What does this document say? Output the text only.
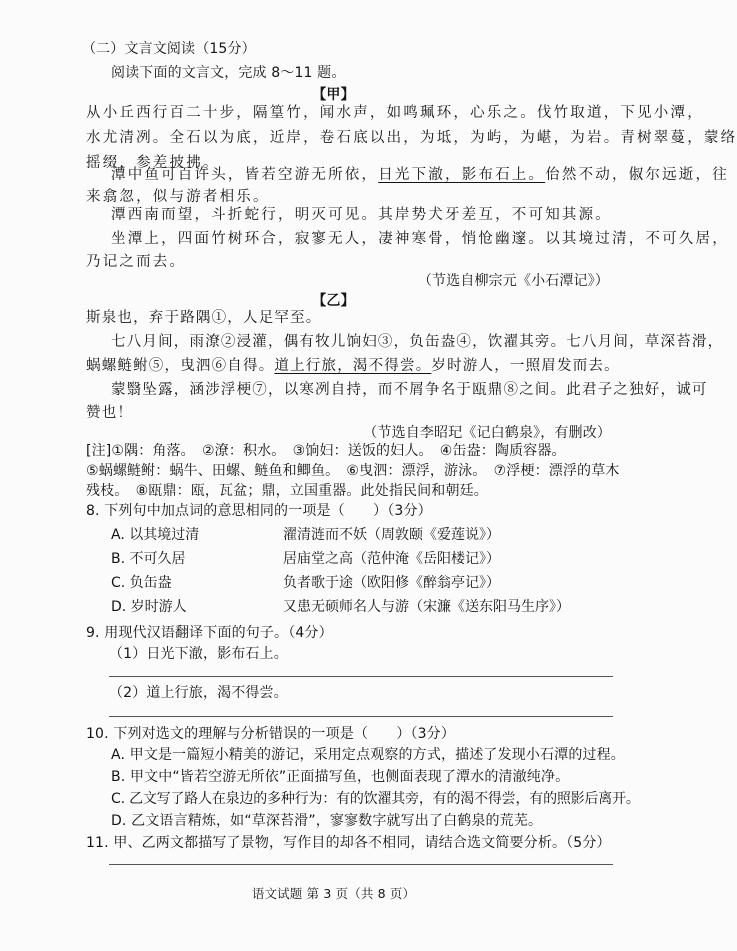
（二）文言文阅读（15分）
阅读下面的文言文，完成 8～11 题。
【甲】
从小丘西行百二十步，隔篁竹，闻水声，如鸣珮环，心乐之。伐竹取道，下见小潭，
水尤清冽。全石以为底，近岸，卷石底以出，为坻，为屿，为嵁，为岩。青树翠蔓，蒙络
摇缀，参差披拂。
潭中鱼可百许头，皆若空游无所依，日光下澈，影布石上。佁然不动，俶尔远逝，往
来翕忽，似与游者相乐。
潭西南而望，斗折蛇行，明灭可见。其岸势犬牙差互，不可知其源。
坐潭上，四面竹树环合，寂寥无人，凄神寒骨，悄怆幽邃。以其境过清，不可久居，
乃记之而去。
（节选自柳宗元《小石潭记》）
【乙】
斯泉也，弃于路隅①，人足罕至。
七八月间，雨潦②浸灌，偶有牧儿饷妇③，负缶盎④，饮濯其旁。七八月间，草深苔滑，
蜗螺鲢鲋⑤，曳泗⑥自得。道上行旅，渴不得尝。岁时游人，一照眉发而去。
蒙翳坠露，涵涉浮梗⑦，以寒冽自持，而不屑争名于瓯鼎⑧之间。此君子之独好，诚可
赞也！
（节选自李昭玘《记白鹤泉》，有删改）
[注]①隅：角落。　②潦：积水。　③饷妇：送饭的妇人。　④缶盎：陶质容器。
⑤蜗螺鲢鲋：蜗牛、田螺、鲢鱼和鲫鱼。　⑥曳泗：漂浮，游泳。　⑦浮梗：漂浮的草木
残枝。　⑧瓯鼎：瓯，瓦盆；鼎，立国重器。此处指民间和朝廷。
8. 下列句中加点词的意思相同的一项是（　　）（3分）
A. 以其境过清	濯清涟而不妖（周敦颐《爱莲说》）
B. 不可久居	居庙堂之高（范仲淹《岳阳楼记》）
C. 负缶盎	负者歌于途（欧阳修《醉翁亭记》）
D. 岁时游人	又患无硕师名人与游（宋濂《送东阳马生序》）
9. 用现代汉语翻译下面的句子。（4分）
（1）日光下澈，影布石上。
（2）道上行旅，渴不得尝。
10. 下列对选文的理解与分析错误的一项是（　　）（3分）
A. 甲文是一篇短小精美的游记，采用定点观察的方式，描述了发现小石潭的过程。
B. 甲文中“皆若空游无所依”正面描写鱼，也侧面表现了潭水的清澈纯净。
C. 乙文写了路人在泉边的多种行为：有的饮濯其旁，有的渴不得尝，有的照影后离开。
D. 乙文语言精炼，如“草深苔滑”，寥寥数字就写出了白鹤泉的荒芜。
11. 甲、乙两文都描写了景物，写作目的却各不相同，请结合选文简要分析。（5分）
语文试题 第 3 页（共 8 页）
